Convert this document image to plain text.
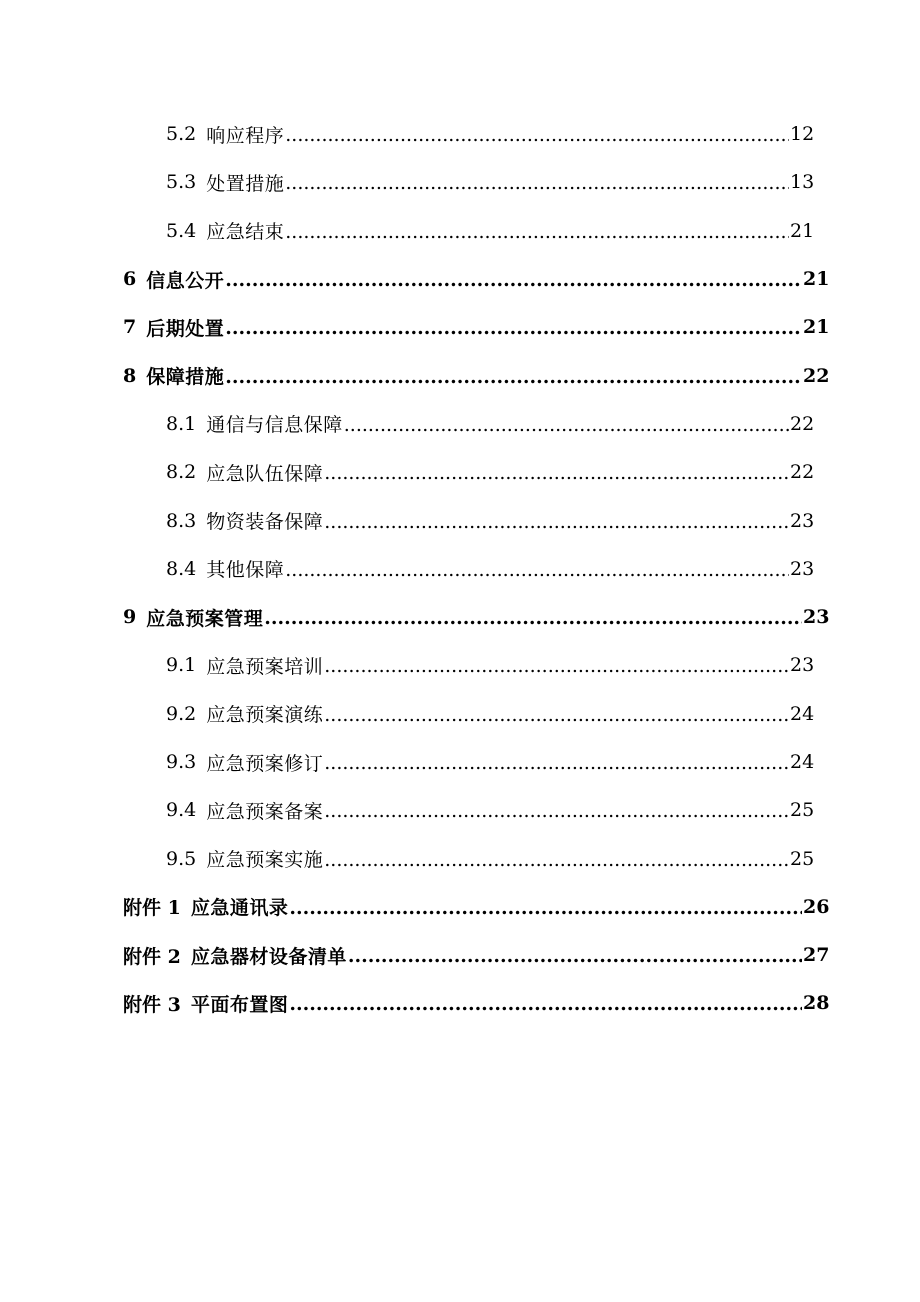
5.2 响应程序 .....	12
5.3 处置措施 .....	13
5.4 应急结束 .....	21
6 信息公开 .....	21
7 后期处置 .....	21
8 保障措施 .....	22
8.1 通信与信息保障 .....	22
8.2 应急队伍保障 .....	22
8.3 物资装备保障 .....	23
8.4 其他保障 .....	23
9 应急预案管理 .....	23
9.1 应急预案培训 .....	23
9.2 应急预案演练 .....	24
9.3 应急预案修订 .....	24
9.4 应急预案备案 .....	25
9.5 应急预案实施 .....	25
附件 1 应急通讯录 .....	26
附件 2 应急器材设备清单 .....	27
附件 3 平面布置图 .....	28
